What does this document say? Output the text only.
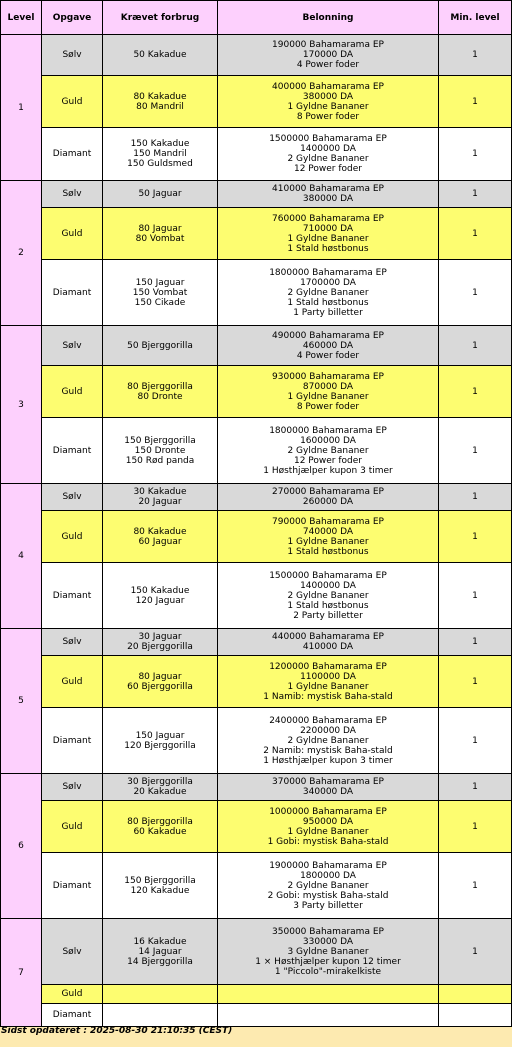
Level	Opgave	Krævet forbrug	Belonning	Min. level
1	Sølv	50 Kakadue	190000 Bahamarama EP
170000 DA
4 Power foder	1
	Guld	80 Kakadue
80 Mandril	400000 Bahamarama EP
380000 DA
1 Gyldne Bananer
8 Power foder	1
	Diamant	150 Kakadue
150 Mandril
150 Guldsmed	1500000 Bahamarama EP
1400000 DA
2 Gyldne Bananer
12 Power foder	1
2	Sølv	50 Jaguar	410000 Bahamarama EP
380000 DA	1
	Guld	80 Jaguar
80 Vombat	760000 Bahamarama EP
710000 DA
1 Gyldne Bananer
1 Stald høstbonus	1
	Diamant	150 Jaguar
150 Vombat
150 Cikade	1800000 Bahamarama EP
1700000 DA
2 Gyldne Bananer
1 Stald høstbonus
1 Party billetter	1
3	Sølv	50 Bjerggorilla	490000 Bahamarama EP
460000 DA
4 Power foder	1
	Guld	80 Bjerggorilla
80 Dronte	930000 Bahamarama EP
870000 DA
1 Gyldne Bananer
8 Power foder	1
	Diamant	150 Bjerggorilla
150 Dronte
150 Rød panda	1800000 Bahamarama EP
1600000 DA
2 Gyldne Bananer
12 Power foder
1 Høsthjælper kupon 3 timer	1
4	Sølv	30 Kakadue
20 Jaguar	270000 Bahamarama EP
260000 DA	1
	Guld	80 Kakadue
60 Jaguar	790000 Bahamarama EP
740000 DA
1 Gyldne Bananer
1 Stald høstbonus	1
	Diamant	150 Kakadue
120 Jaguar	1500000 Bahamarama EP
1400000 DA
2 Gyldne Bananer
1 Stald høstbonus
2 Party billetter	1
5	Sølv	30 Jaguar
20 Bjerggorilla	440000 Bahamarama EP
410000 DA	1
	Guld	80 Jaguar
60 Bjerggorilla	1200000 Bahamarama EP
1100000 DA
1 Gyldne Bananer
1 Namib: mystisk Baha-stald	1
	Diamant	150 Jaguar
120 Bjerggorilla	2400000 Bahamarama EP
2200000 DA
2 Gyldne Bananer
2 Namib: mystisk Baha-stald
1 Høsthjælper kupon 3 timer	1
6	Sølv	30 Bjerggorilla
20 Kakadue	370000 Bahamarama EP
340000 DA	1
	Guld	80 Bjerggorilla
60 Kakadue	1000000 Bahamarama EP
950000 DA
1 Gyldne Bananer
1 Gobi: mystisk Baha-stald	1
	Diamant	150 Bjerggorilla
120 Kakadue	1900000 Bahamarama EP
1800000 DA
2 Gyldne Bananer
2 Gobi: mystisk Baha-stald
3 Party billetter	1
7	Sølv	16 Kakadue
14 Jaguar
14 Bjerggorilla	350000 Bahamarama EP
330000 DA
3 Gyldne Bananer
1 × Høsthjælper kupon 12 timer
1 "Piccolo"-mirakelkiste	1
	Guld			
	Diamant			
Sidst opdateret : 2025-08-30 21:10:35 (CEST)
